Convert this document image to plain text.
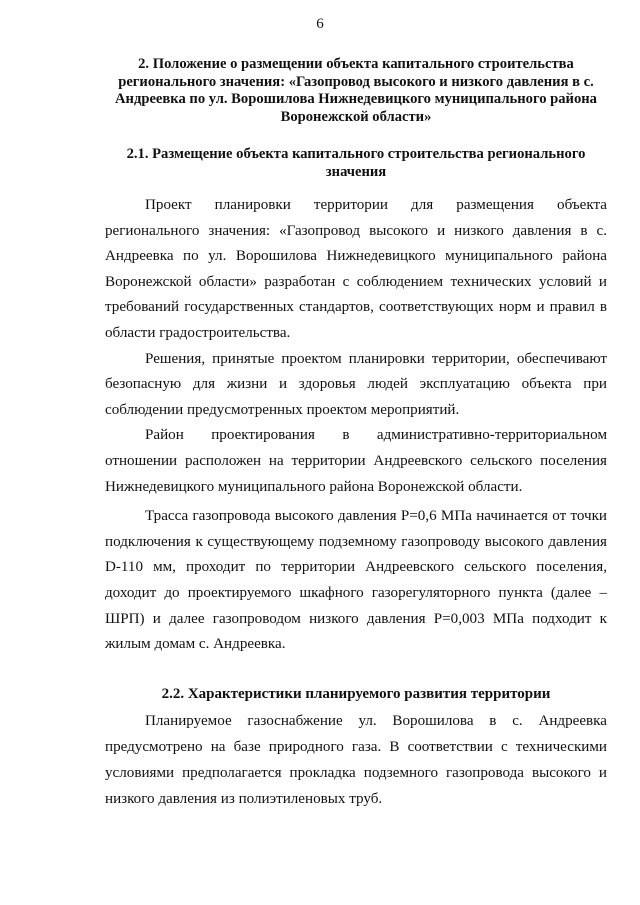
6
2. Положение о размещении объекта капитального строительства регионального значения: «Газопровод высокого и низкого давления в с. Андреевка по ул. Ворошилова Нижнедевицкого муниципального района Воронежской области»
2.1. Размещение объекта капитального строительства регионального значения

Проект планировки территории для размещения объекта регионального значения: «Газопровод высокого и низкого давления в с. Андреевка по ул. Ворошилова Нижнедевицкого муниципального района Воронежской области» разработан с соблюдением технических условий и требований государственных стандартов, соответствующих норм и правил в области градостроительства.

Решения, принятые проектом планировки территории, обеспечивают безопасную для жизни и здоровья людей эксплуатацию объекта при соблюдении предусмотренных проектом мероприятий.

Район проектирования в административно-территориальном отношении расположен на территории Андреевского сельского поселения Нижнедевицкого муниципального района Воронежской области.

Трасса газопровода высокого давления P=0,6 МПа начинается от точки подключения к существующему подземному газопроводу высокого давления D-110 мм, проходит по территории Андреевского сельского поселения, доходит до проектируемого шкафного газорегуляторного пункта (далее – ШРП) и далее газопроводом низкого давления P=0,003 МПа подходит к жилым домам с. Андреевка.

2.2. Характеристики планируемого развития территории

Планируемое газоснабжение ул. Ворошилова в с. Андреевка предусмотрено на базе природного газа. В соответствии с техническими условиями предполагается прокладка подземного газопровода высокого и низкого давления из полиэтиленовых труб.
